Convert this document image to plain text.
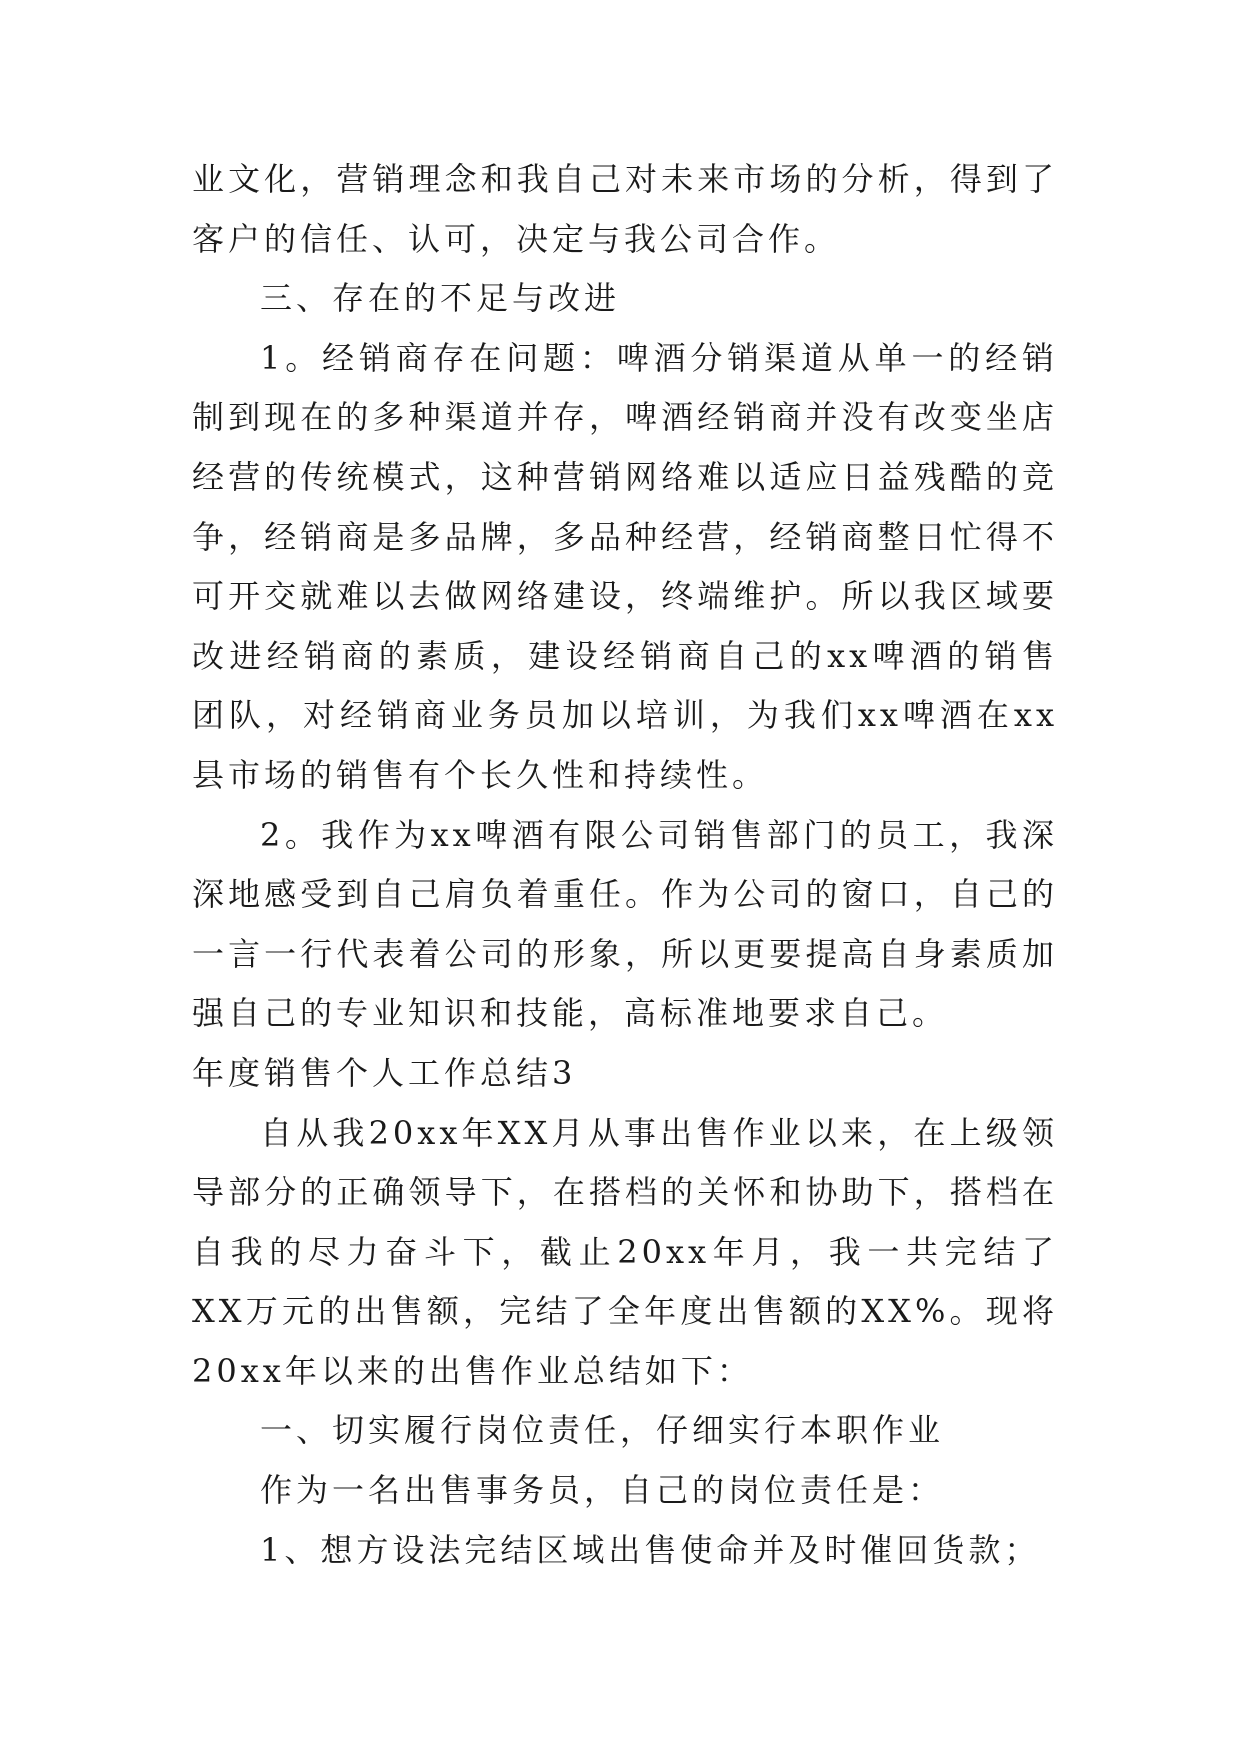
业文化，营销理念和我自己对未来市场的分析，得到了客户的信任、认可，决定与我公司合作。

三、存在的不足与改进

1。经销商存在问题：啤酒分销渠道从单一的经销制到现在的多种渠道并存，啤酒经销商并没有改变坐店经营的传统模式，这种营销网络难以适应日益残酷的竞争，经销商是多品牌，多品种经营，经销商整日忙得不可开交就难以去做网络建设，终端维护。所以我区域要改进经销商的素质，建设经销商自己的xx啤酒的销售团队，对经销商业务员加以培训，为我们xx啤酒在xx县市场的销售有个长久性和持续性。

2。我作为xx啤酒有限公司销售部门的员工，我深深地感受到自己肩负着重任。作为公司的窗口，自己的一言一行代表着公司的形象，所以更要提高自身素质加强自己的专业知识和技能，高标准地要求自己。

年度销售个人工作总结3

自从我20xx年XX月从事出售作业以来，在上级领导部分的正确领导下，在搭档的关怀和协助下，搭档在自我的尽力奋斗下，截止20xx年月，我一共完结了XX万元的出售额，完结了全年度出售额的XX%。现将20xx年以来的出售作业总结如下：

一、切实履行岗位责任，仔细实行本职作业

作为一名出售事务员，自己的岗位责任是：

1、想方设法完结区域出售使命并及时催回货款；
